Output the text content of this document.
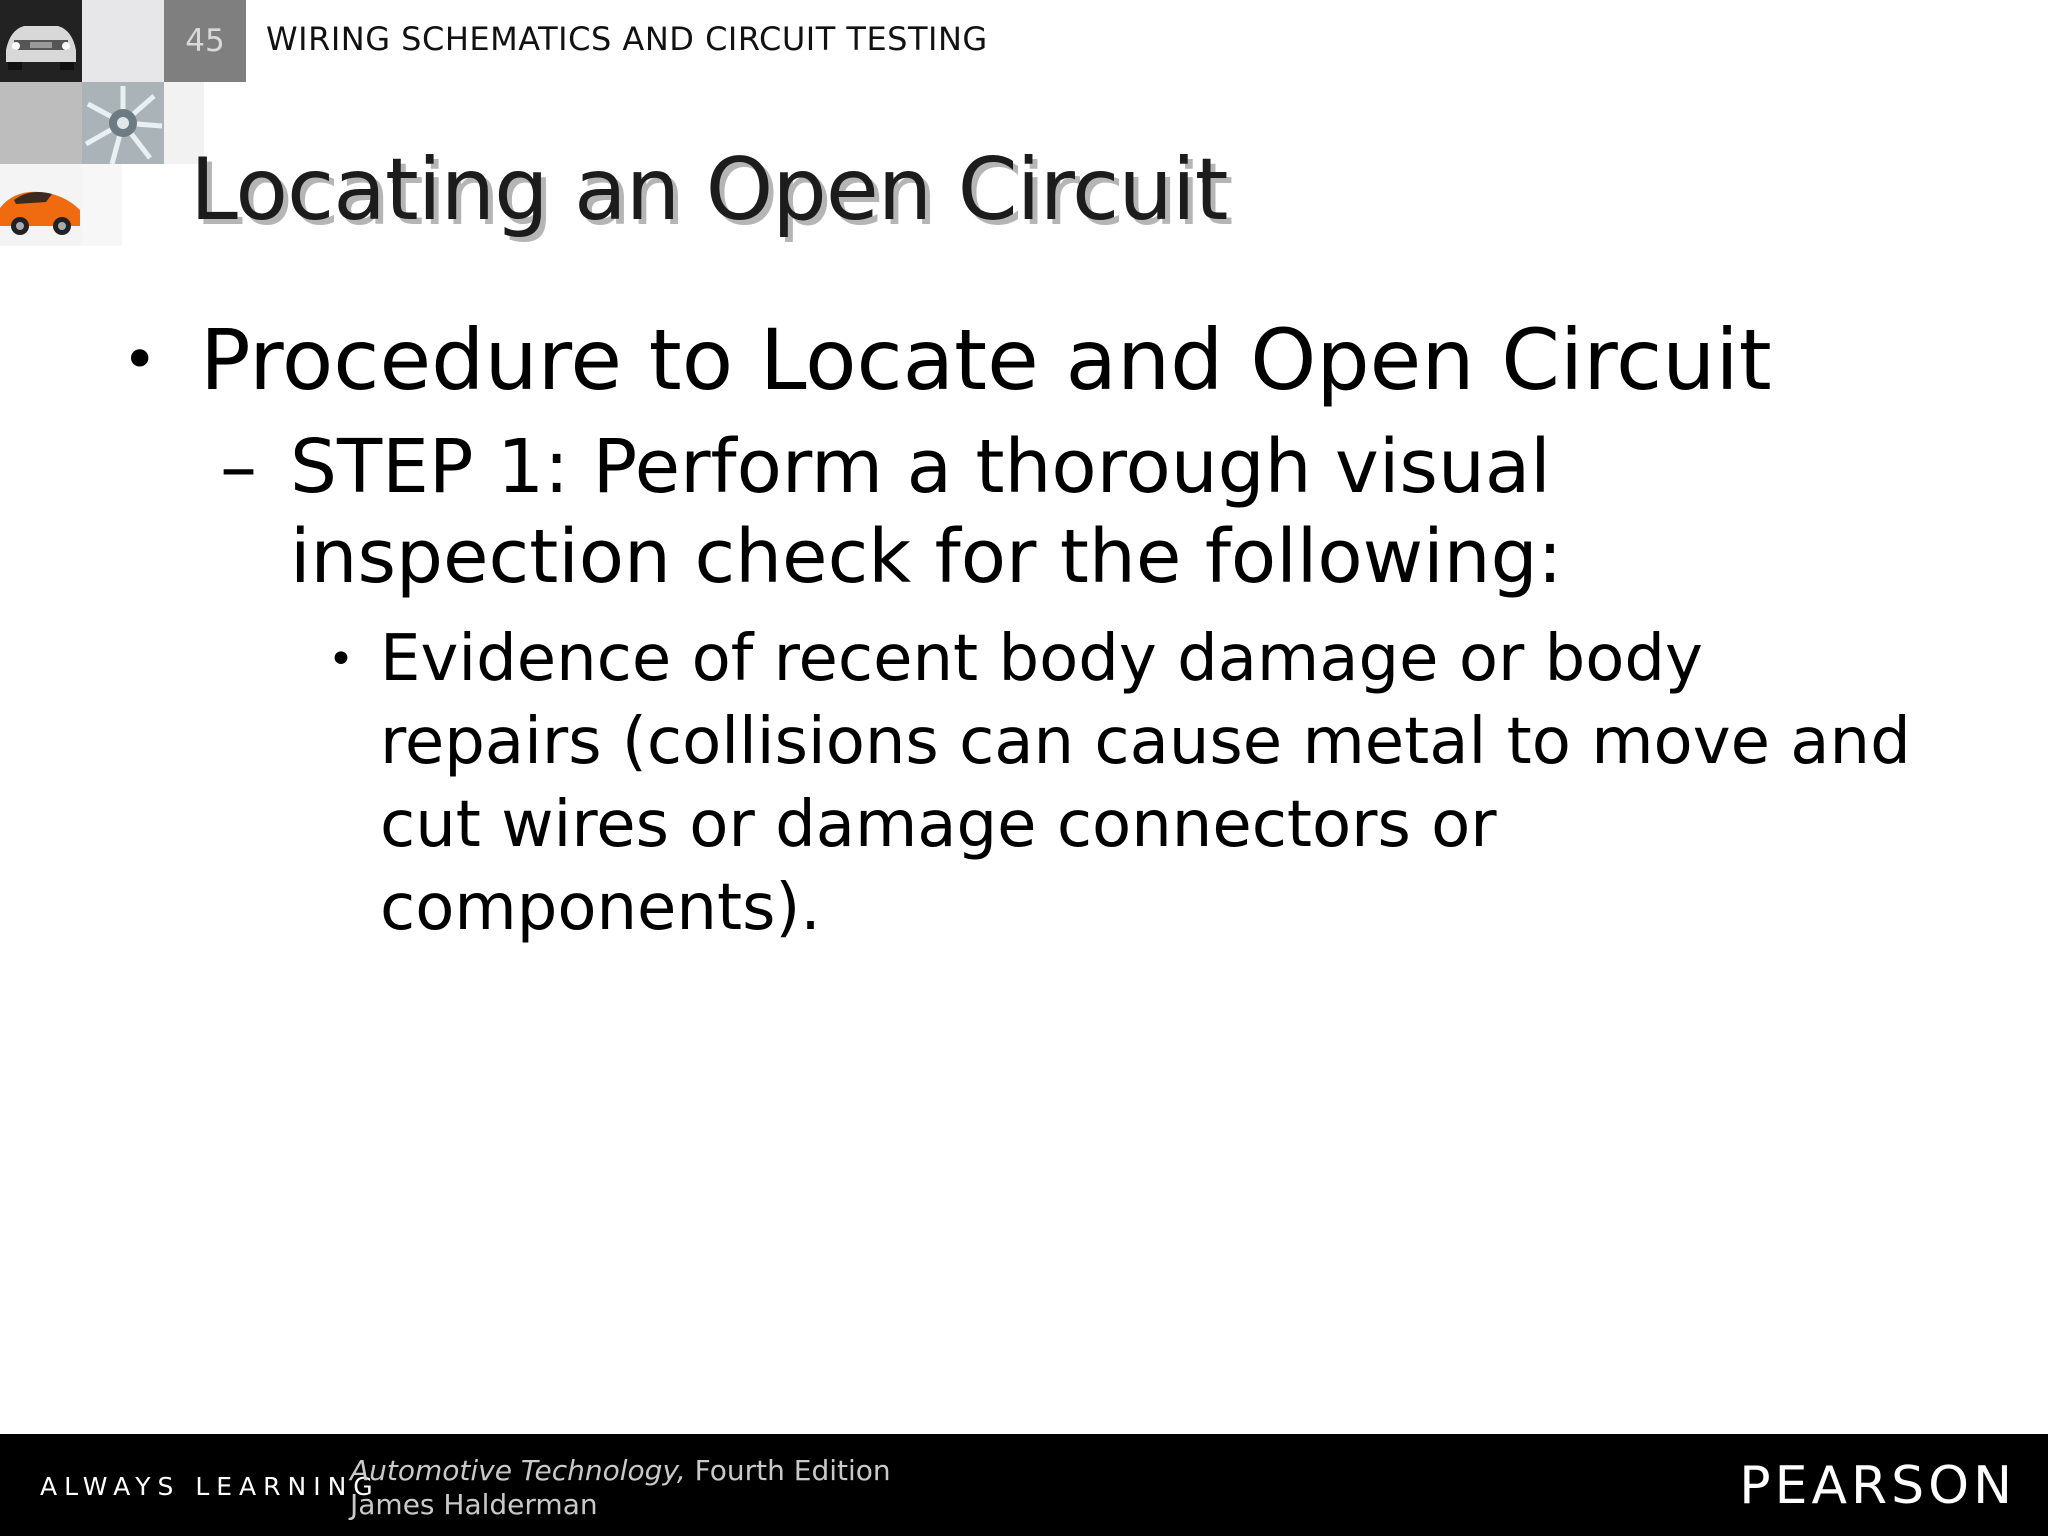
45 WIRING SCHEMATICS AND CIRCUIT TESTING
Locating an Open Circuit
• Procedure to Locate and Open Circuit
– STEP 1: Perform a thorough visual inspection check for the following:
• Evidence of recent body damage or body repairs (collisions can cause metal to move and cut wires or damage connectors or components).
ALWAYS LEARNING
Automotive Technology, Fourth Edition
James Halderman	PEARSON
